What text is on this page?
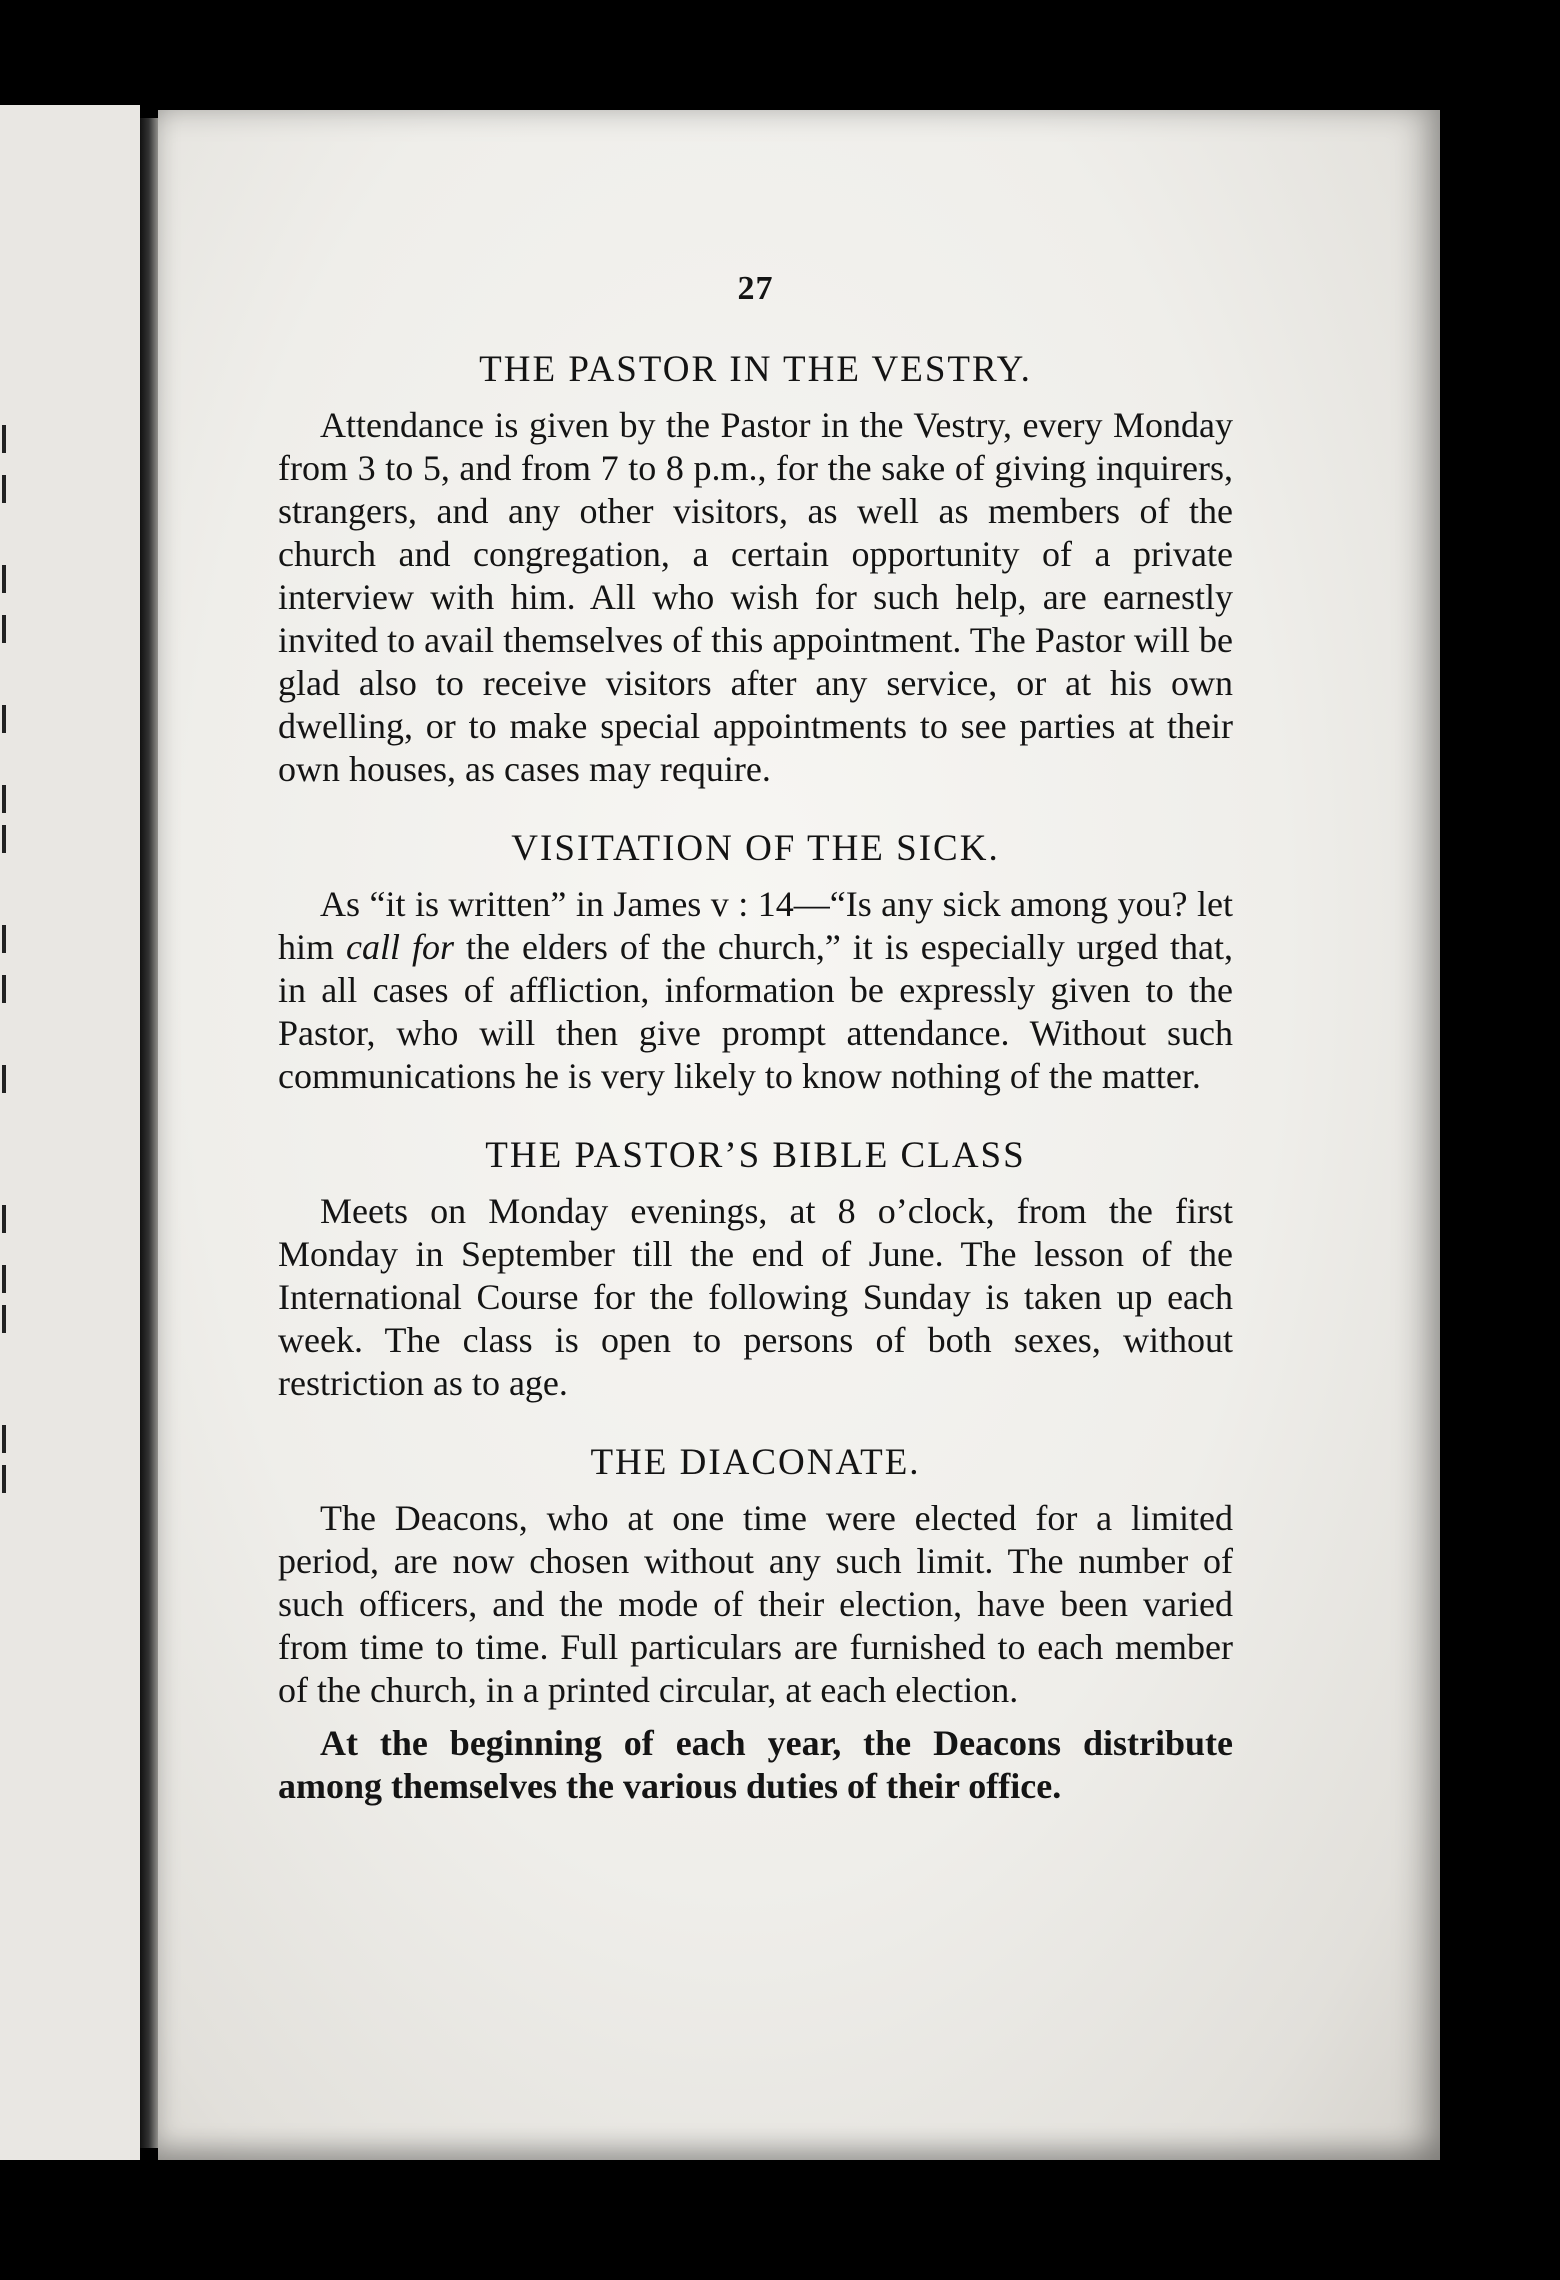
27
THE PASTOR IN THE VESTRY.

Attendance is given by the Pastor in the Vestry, every Monday from 3 to 5, and from 7 to 8 p.m., for the sake of giving inquirers, strangers, and any other visitors, as well as members of the church and congregation, a certain opportunity of a private interview with him. All who wish for such help, are earnestly invited to avail themselves of this appointment. The Pastor will be glad also to receive visitors after any service, or at his own dwelling, or to make special appointments to see parties at their own houses, as cases may require.

VISITATION OF THE SICK.

As “it is written” in James v : 14—“Is any sick among you? let him call for the elders of the church,” it is especially urged that, in all cases of affliction, information be expressly given to the Pastor, who will then give prompt attendance. Without such communications he is very likely to know nothing of the matter.

THE PASTOR’S BIBLE CLASS

Meets on Monday evenings, at 8 o’clock, from the first Monday in September till the end of June. The lesson of the International Course for the following Sunday is taken up each week. The class is open to persons of both sexes, without restriction as to age.

THE DIACONATE.

The Deacons, who at one time were elected for a limited period, are now chosen without any such limit. The number of such officers, and the mode of their election, have been varied from time to time. Full particulars are furnished to each member of the church, in a printed circular, at each election.

At the beginning of each year, the Deacons distribute among themselves the various duties of their office.
